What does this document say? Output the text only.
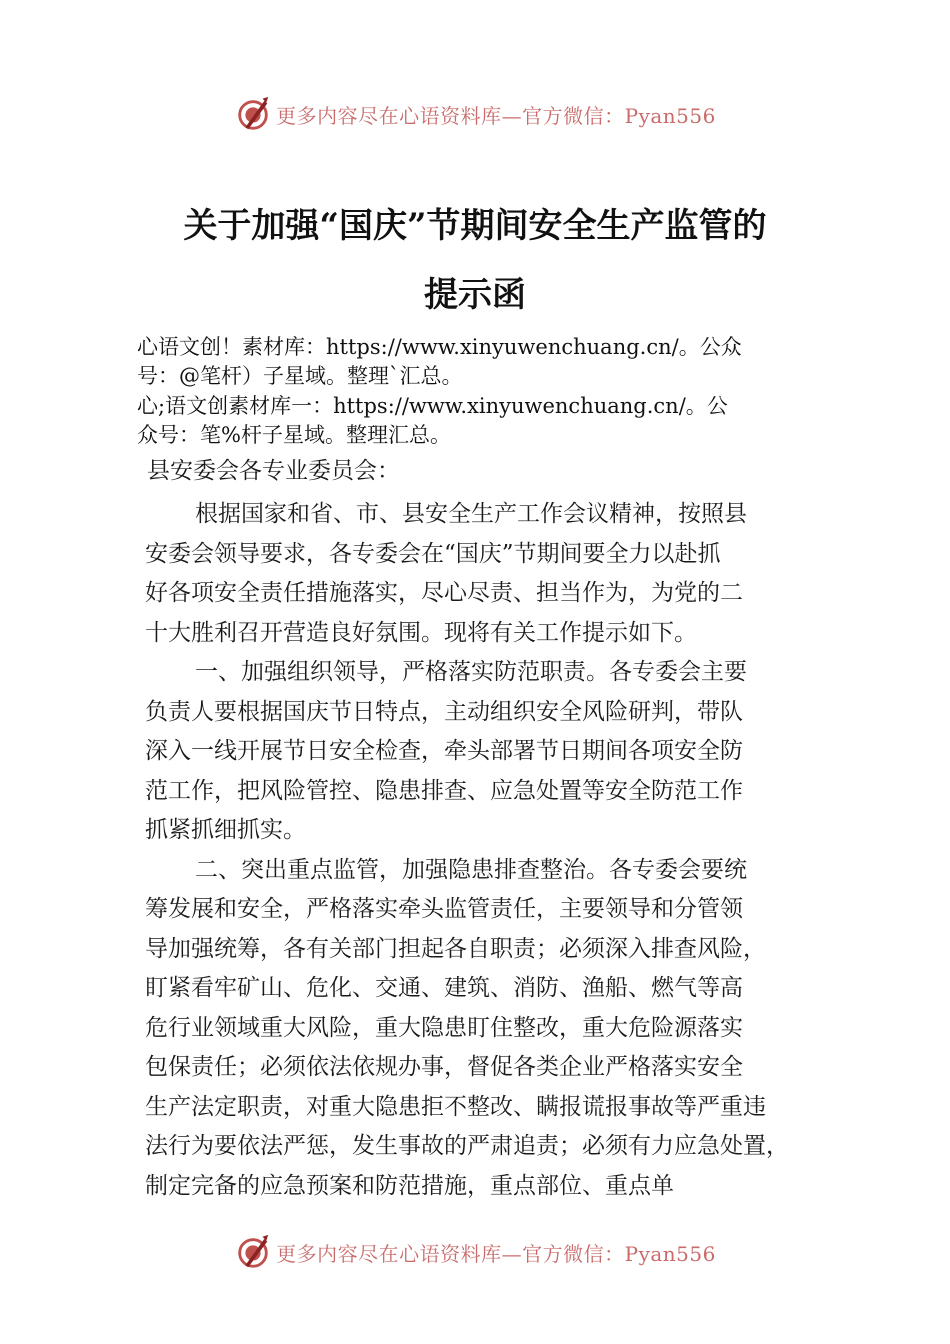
更多内容尽在心语资料库—官方微信：Pyan556
关于加强“国庆”节期间安全生产监管的
提示函
心语文创！素材库：https://www.xinyuwenchuang.cn/。公众
号：@笔杆）子星域。整理`汇总。
心;语文创素材库一：https://www.xinyuwenchuang.cn/。公
众号：笔%杆子星域。整理汇总。
县安委会各专业委员会：
根据国家和省、市、县安全生产工作会议精神，按照县
安委会领导要求，各专委会在“国庆”节期间要全力以赴抓
好各项安全责任措施落实，尽心尽责、担当作为，为党的二
十大胜利召开营造良好氛围。现将有关工作提示如下。
一、加强组织领导，严格落实防范职责。各专委会主要
负责人要根据国庆节日特点，主动组织安全风险研判，带队
深入一线开展节日安全检查，牵头部署节日期间各项安全防
范工作，把风险管控、隐患排查、应急处置等安全防范工作
抓紧抓细抓实。
二、突出重点监管，加强隐患排查整治。各专委会要统
筹发展和安全，严格落实牵头监管责任，主要领导和分管领
导加强统筹，各有关部门担起各自职责；必须深入排查风险，
盯紧看牢矿山、危化、交通、建筑、消防、渔船、燃气等高
危行业领域重大风险，重大隐患盯住整改，重大危险源落实
包保责任；必须依法依规办事，督促各类企业严格落实安全
生产法定职责，对重大隐患拒不整改、瞒报谎报事故等严重违
法行为要依法严惩，发生事故的严肃追责；必须有力应急处置，
制定完备的应急预案和防范措施，重点部位、重点单
更多内容尽在心语资料库—官方微信：Pyan556
